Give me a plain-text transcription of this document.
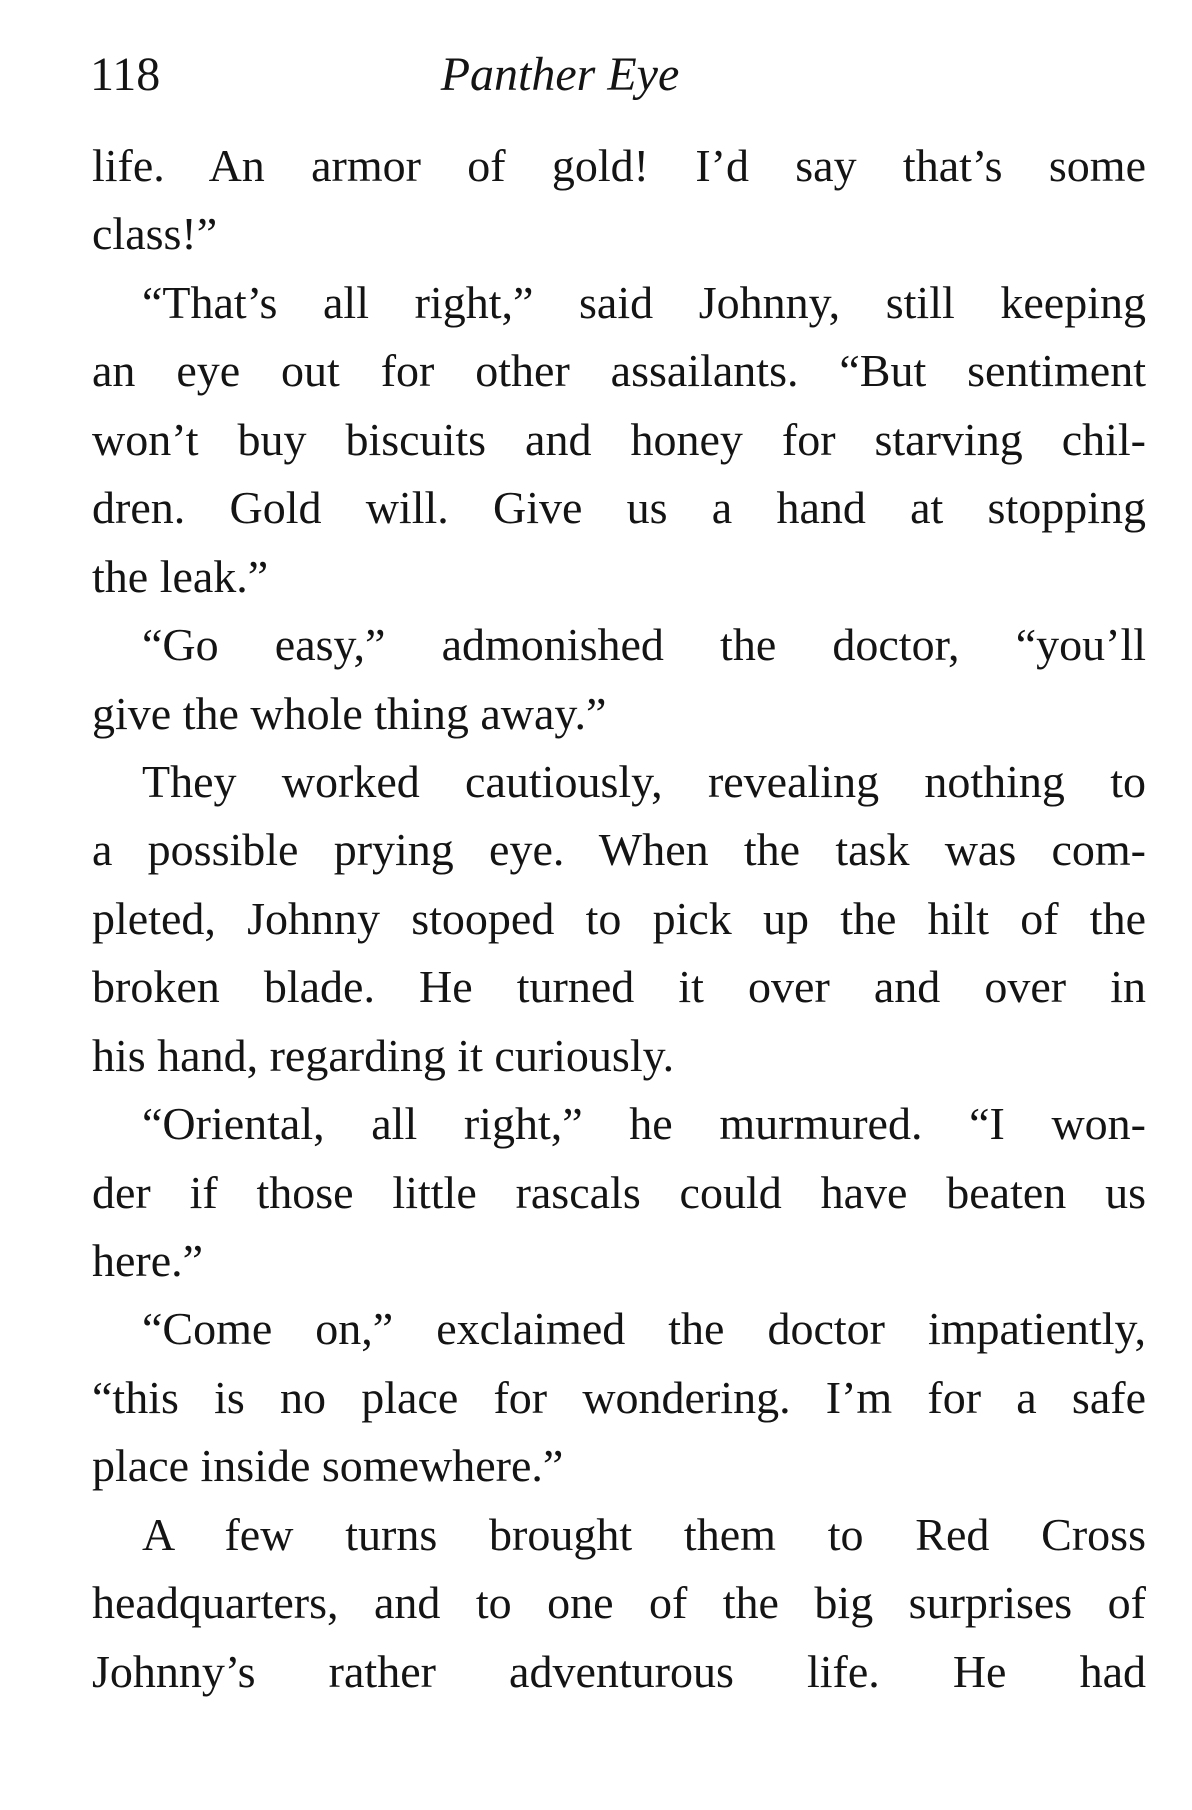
118	Panther Eye
life. An armor of gold! I’d say that’s some
class!”
“That’s all right,” said Johnny, still keeping
an eye out for other assailants. “But sentiment
won’t buy biscuits and honey for starving chil-
dren. Gold will. Give us a hand at stopping
the leak.”
“Go easy,” admonished the doctor, “you’ll
give the whole thing away.”
They worked cautiously, revealing nothing to
a possible prying eye. When the task was com-
pleted, Johnny stooped to pick up the hilt of the
broken blade. He turned it over and over in
his hand, regarding it curiously.
“Oriental, all right,” he murmured. “I won-
der if those little rascals could have beaten us
here.”
“Come on,” exclaimed the doctor impatiently,
“this is no place for wondering. I’m for a safe
place inside somewhere.”
A few turns brought them to Red Cross
headquarters, and to one of the big surprises of
Johnny’s rather adventurous life. He had
